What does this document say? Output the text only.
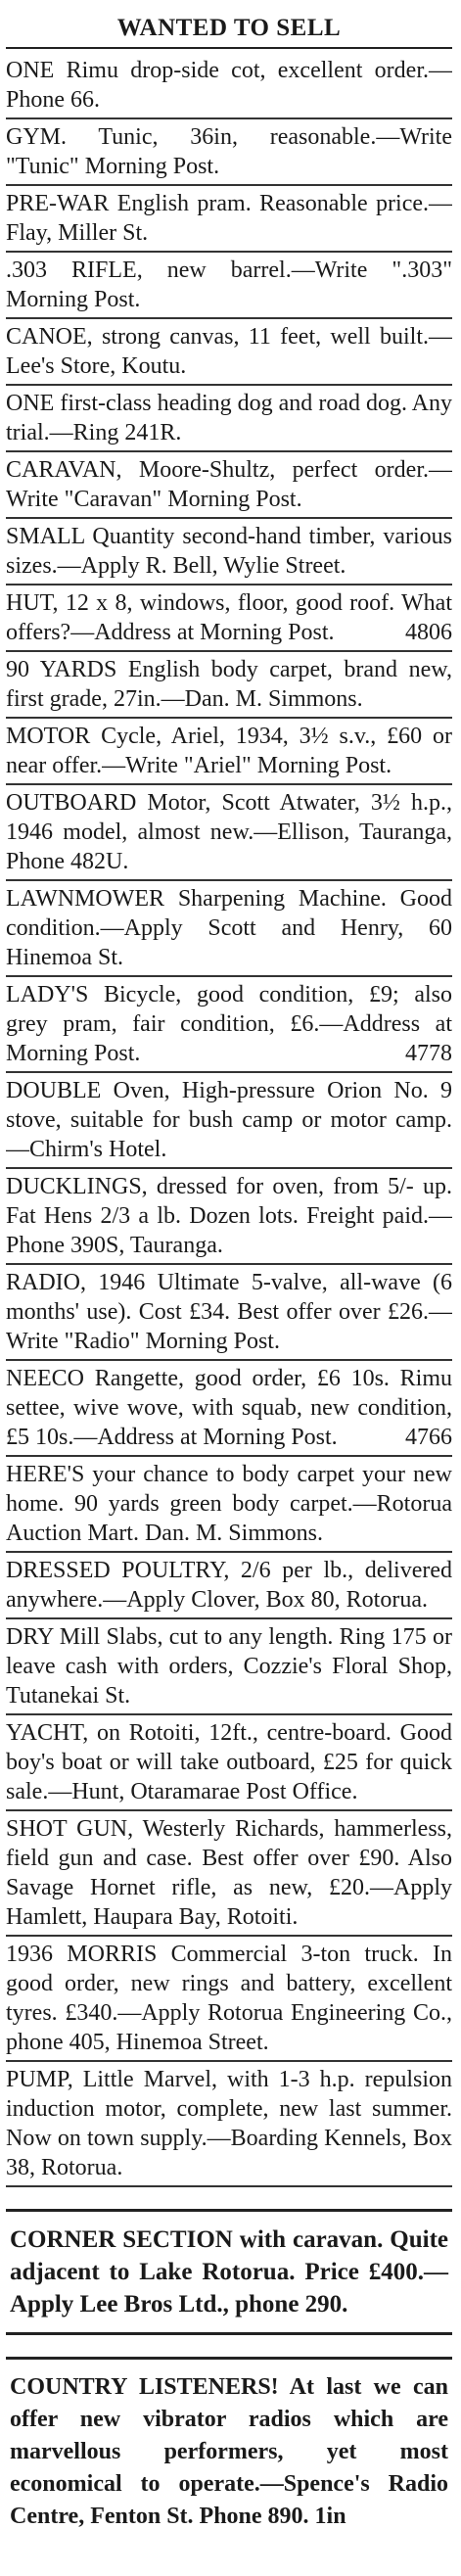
WANTED TO SELL
ONE Rimu drop-side cot, excellent order.—Phone 66.
GYM. Tunic, 36in, reasonable.—Write "Tunic" Morning Post.
PRE-WAR English pram. Reasonable price.—Flay, Miller St.
.303 RIFLE, new barrel.—Write ".303" Morning Post.
CANOE, strong canvas, 11 feet, well built.—Lee's Store, Koutu.
ONE first-class heading dog and road dog. Any trial.—Ring 241R.
CARAVAN, Moore-Shultz, perfect order.—Write "Caravan" Morning Post.
SMALL Quantity second-hand timber, various sizes.—Apply R. Bell, Wylie Street.
HUT, 12 x 8, windows, floor, good roof. What offers?—Address at Morning Post.	4806
90 YARDS English body carpet, brand new, first grade, 27in.—Dan. M. Simmons.
MOTOR Cycle, Ariel, 1934, 3½ s.v., £60 or near offer.—Write "Ariel" Morning Post.
OUTBOARD Motor, Scott Atwater, 3½ h.p., 1946 model, almost new.—Ellison, Tauranga, Phone 482U.
LAWNMOWER Sharpening Machine. Good condition.—Apply Scott and Henry, 60 Hinemoa St.
LADY'S Bicycle, good condition, £9; also grey pram, fair condition, £6.—Address at Morning Post.	4778
DOUBLE Oven, High-pressure Orion No. 9 stove, suitable for bush camp or motor camp.—Chirm's Hotel.
DUCKLINGS, dressed for oven, from 5/- up. Fat Hens 2/3 a lb. Dozen lots. Freight paid.—Phone 390S, Tauranga.
RADIO, 1946 Ultimate 5-valve, all-wave (6 months' use). Cost £34. Best offer over £26.—Write "Radio" Morning Post.
NEECO Rangette, good order, £6 10s. Rimu settee, wive wove, with squab, new condition, £5 10s.—Address at Morning Post.	4766
HERE'S your chance to body carpet your new home. 90 yards green body carpet.—Rotorua Auction Mart. Dan. M. Simmons.
DRESSED POULTRY, 2/6 per lb., delivered anywhere.—Apply Clover, Box 80, Rotorua.
DRY Mill Slabs, cut to any length. Ring 175 or leave cash with orders, Cozzie's Floral Shop, Tutanekai St.
YACHT, on Rotoiti, 12ft., centre-board. Good boy's boat or will take outboard, £25 for quick sale.—Hunt, Otaramarae Post Office.
SHOT GUN, Westerly Richards, hammerless, field gun and case. Best offer over £90. Also Savage Hornet rifle, as new, £20.—Apply Hamlett, Haupara Bay, Rotoiti.
1936 MORRIS Commercial 3-ton truck. In good order, new rings and battery, excellent tyres. £340.—Apply Rotorua Engineering Co., phone 405, Hinemoa Street.
PUMP, Little Marvel, with 1-3 h.p. repulsion induction motor, complete, new last summer. Now on town supply.—Boarding Kennels, Box 38, Rotorua.
CORNER SECTION with caravan. Quite adjacent to Lake Rotorua. Price £400.—Apply Lee Bros Ltd., phone 290.
COUNTRY LISTENERS! At last we can offer new vibrator radios which are marvellous performers, yet most economical to operate.—Spence's Radio Centre, Fenton St. Phone 890. 1in
